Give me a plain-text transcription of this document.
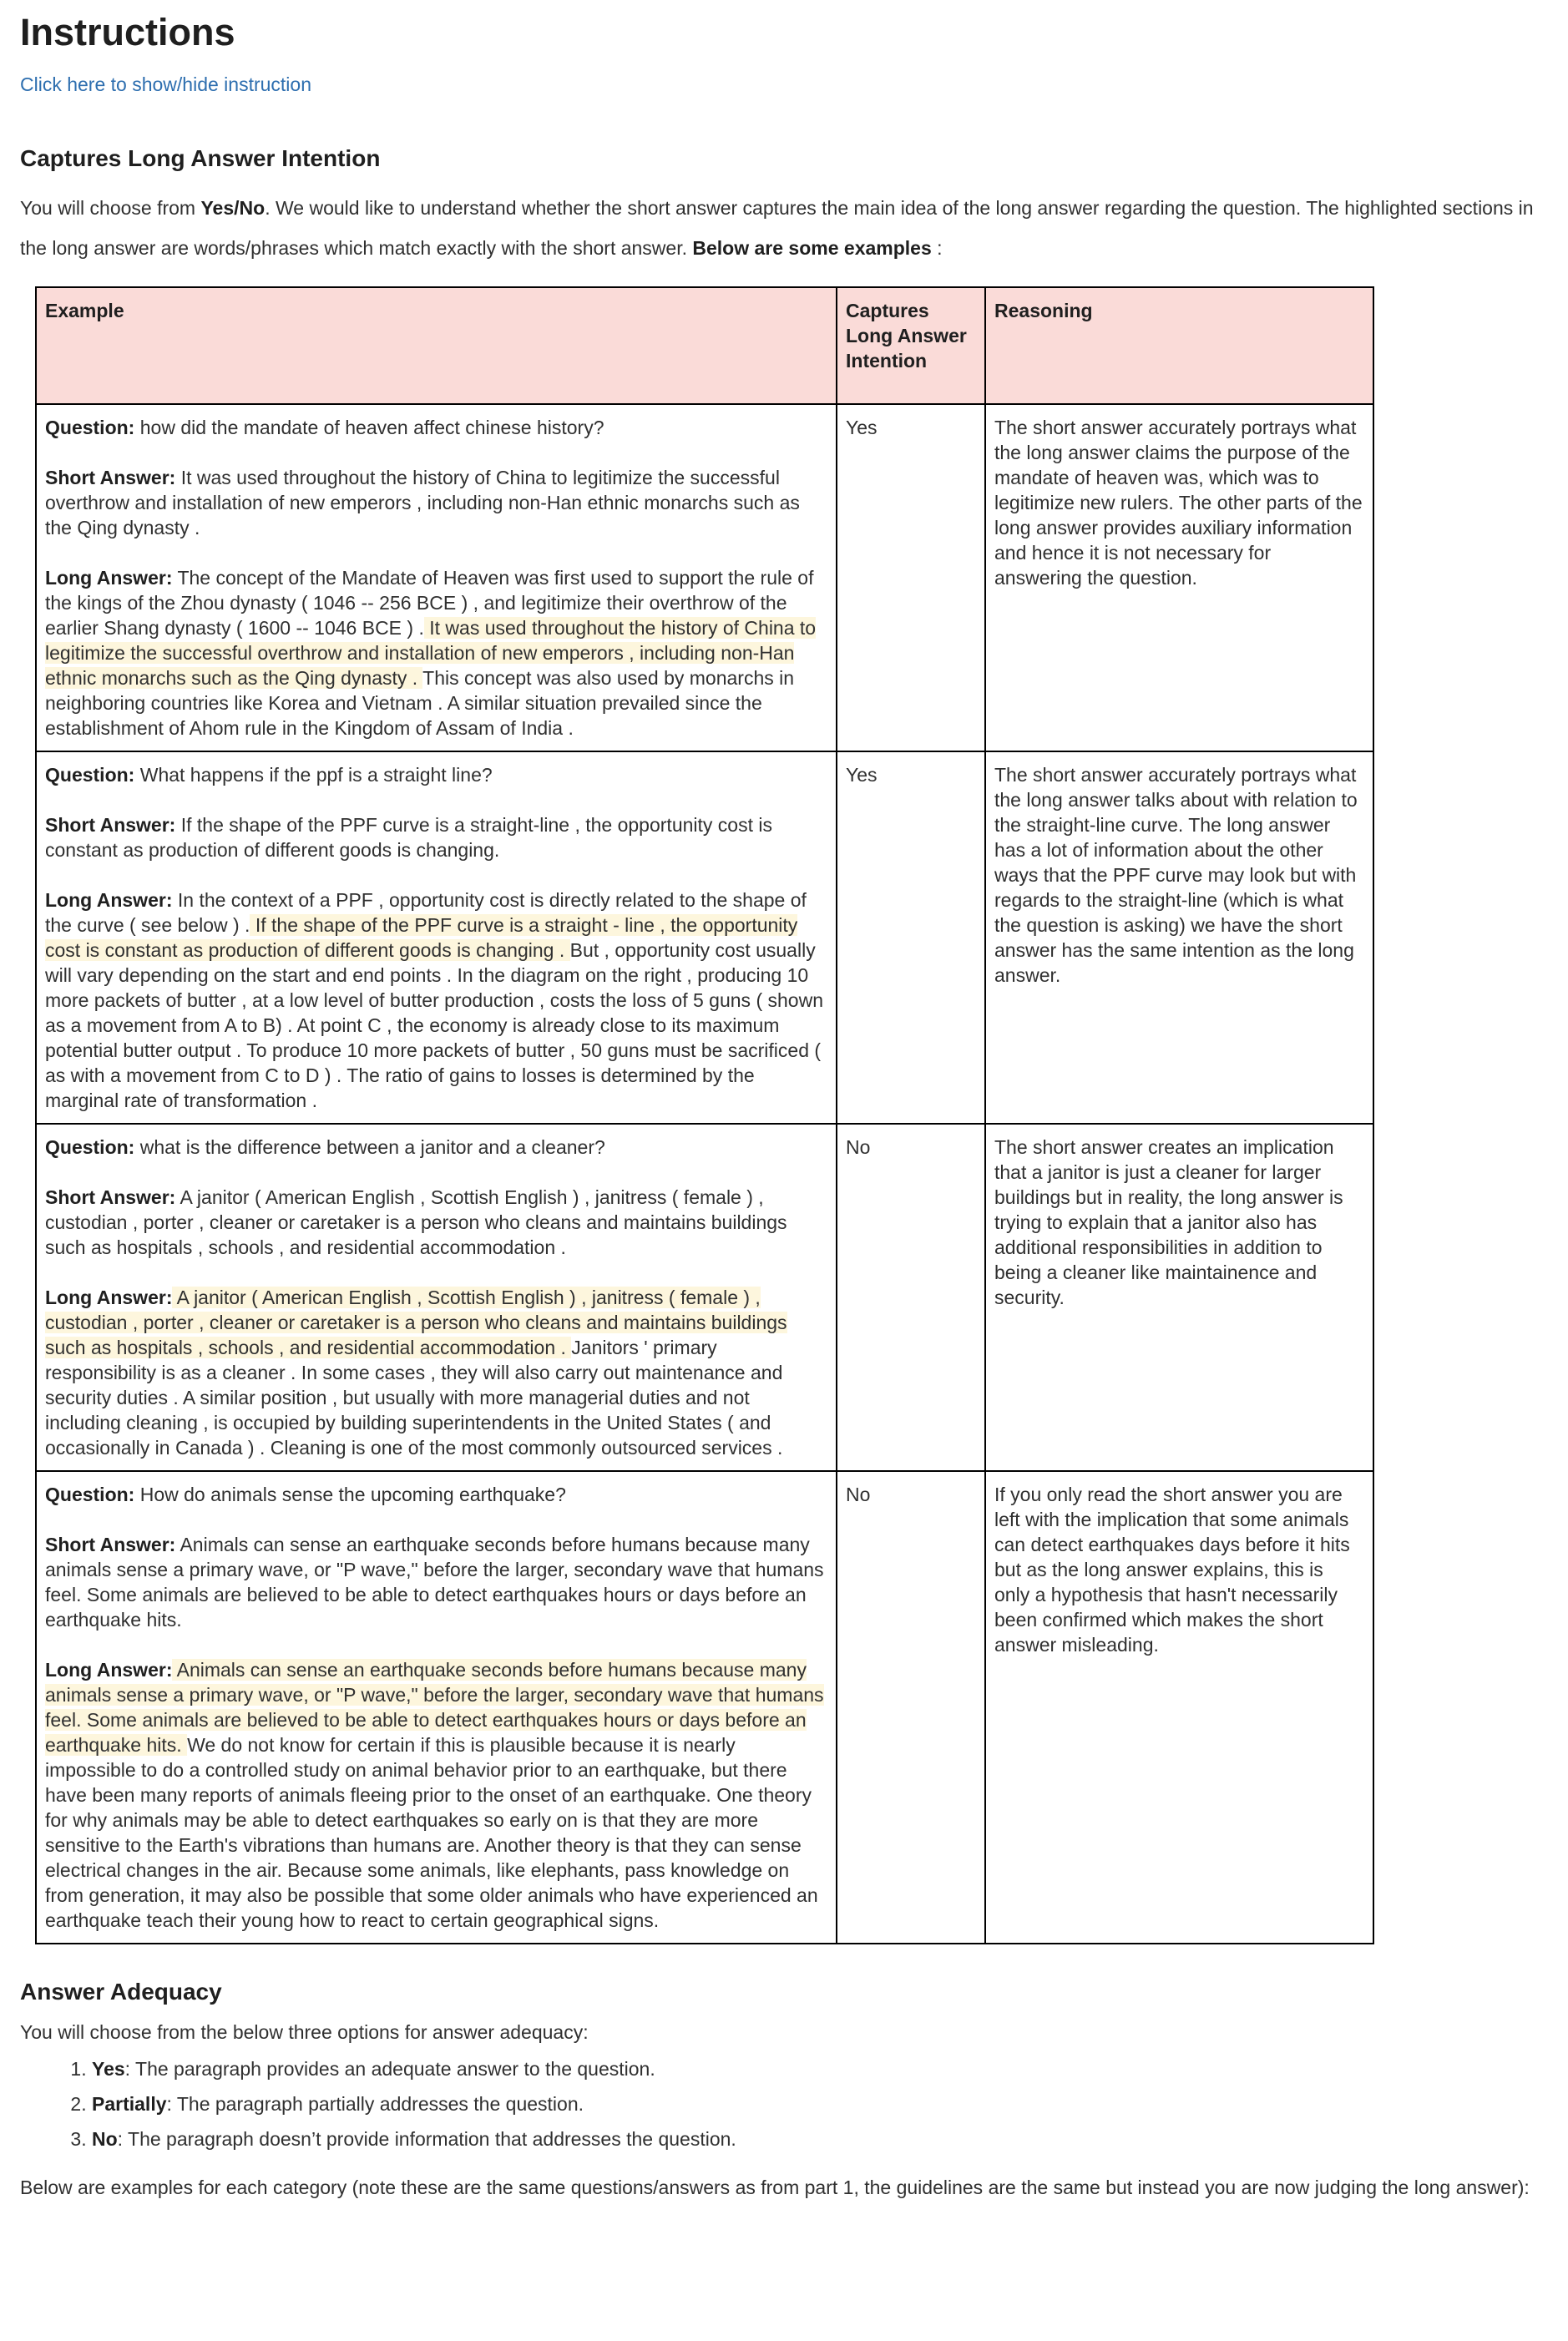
Instructions
Click here to show/hide instruction
Captures Long Answer Intention

You will choose from Yes/No. We would like to understand whether the short answer captures the main idea of the long answer regarding the question. The highlighted sections in the long answer are words/phrases which match exactly with the short answer. Below are some examples :

Example	Captures Long Answer Intention	Reasoning

Question: how did the mandate of heaven affect chinese history?

Short Answer: It was used throughout the history of China to legitimize the successful overthrow and installation of new emperors , including non-Han ethnic monarchs such as the Qing dynasty .

Long Answer: The concept of the Mandate of Heaven was first used to support the rule of the kings of the Zhou dynasty ( 1046 -- 256 BCE ) , and legitimize their overthrow of the earlier Shang dynasty ( 1600 -- 1046 BCE ) . It was used throughout the history of China to legitimize the successful overthrow and installation of new emperors , including non-Han ethnic monarchs such as the Qing dynasty . This concept was also used by monarchs in neighboring countries like Korea and Vietnam . A similar situation prevailed since the establishment of Ahom rule in the Kingdom of Assam of India .

	Yes	The short answer accurately portrays what the long answer claims the purpose of the mandate of heaven was, which was to legitimize new rulers. The other parts of the long answer provides auxiliary information and hence it is not necessary for answering the question.

Question: What happens if the ppf is a straight line?

Short Answer: If the shape of the PPF curve is a straight-line , the opportunity cost is constant as production of different goods is changing.

Long Answer: In the context of a PPF , opportunity cost is directly related to the shape of the curve ( see below ) . If the shape of the PPF curve is a straight - line , the opportunity cost is constant as production of different goods is changing . But , opportunity cost usually will vary depending on the start and end points . In the diagram on the right , producing 10 more packets of butter , at a low level of butter production , costs the loss of 5 guns ( shown as a movement from A to B) . At point C , the economy is already close to its maximum potential butter output . To produce 10 more packets of butter , 50 guns must be sacrificed ( as with a movement from C to D ) . The ratio of gains to losses is determined by the marginal rate of transformation .

	Yes	The short answer accurately portrays what the long answer talks about with relation to the straight-line curve. The long answer has a lot of information about the other ways that the PPF curve may look but with regards to the straight-line (which is what the question is asking) we have the short answer has the same intention as the long answer.

Question: what is the difference between a janitor and a cleaner?

Short Answer: A janitor ( American English , Scottish English ) , janitress ( female ) , custodian , porter , cleaner or caretaker is a person who cleans and maintains buildings such as hospitals , schools , and residential accommodation .

Long Answer: A janitor ( American English , Scottish English ) , janitress ( female ) , custodian , porter , cleaner or caretaker is a person who cleans and maintains buildings such as hospitals , schools , and residential accommodation . Janitors ' primary responsibility is as a cleaner . In some cases , they will also carry out maintenance and security duties . A similar position , but usually with more managerial duties and not including cleaning , is occupied by building superintendents in the United States ( and occasionally in Canada ) . Cleaning is one of the most commonly outsourced services .

	No	The short answer creates an implication that a janitor is just a cleaner for larger buildings but in reality, the long answer is trying to explain that a janitor also has additional responsibilities in addition to being a cleaner like maintainence and security.

Question: How do animals sense the upcoming earthquake?

Short Answer: Animals can sense an earthquake seconds before humans because many animals sense a primary wave, or "P wave," before the larger, secondary wave that humans feel. Some animals are believed to be able to detect earthquakes hours or days before an earthquake hits.

Long Answer: Animals can sense an earthquake seconds before humans because many animals sense a primary wave, or "P wave," before the larger, secondary wave that humans feel. Some animals are believed to be able to detect earthquakes hours or days before an earthquake hits. We do not know for certain if this is plausible because it is nearly impossible to do a controlled study on animal behavior prior to an earthquake, but there have been many reports of animals fleeing prior to the onset of an earthquake. One theory for why animals may be able to detect earthquakes so early on is that they are more sensitive to the Earth's vibrations than humans are. Another theory is that they can sense electrical changes in the air. Because some animals, like elephants, pass knowledge on from generation, it may also be possible that some older animals who have experienced an earthquake teach their young how to react to certain geographical signs.

	No	If you only read the short answer you are left with the implication that some animals can detect earthquakes days before it hits but as the long answer explains, this is only a hypothesis that hasn't necessarily been confirmed which makes the short answer misleading.

Answer Adequacy

You will choose from the below three options for answer adequacy:

1. Yes: The paragraph provides an adequate answer to the question.
2. Partially: The paragraph partially addresses the question.
3. No: The paragraph doesn’t provide information that addresses the question.

Below are examples for each category (note these are the same questions/answers as from part 1, the guidelines are the same but instead you are now judging the long answer):
